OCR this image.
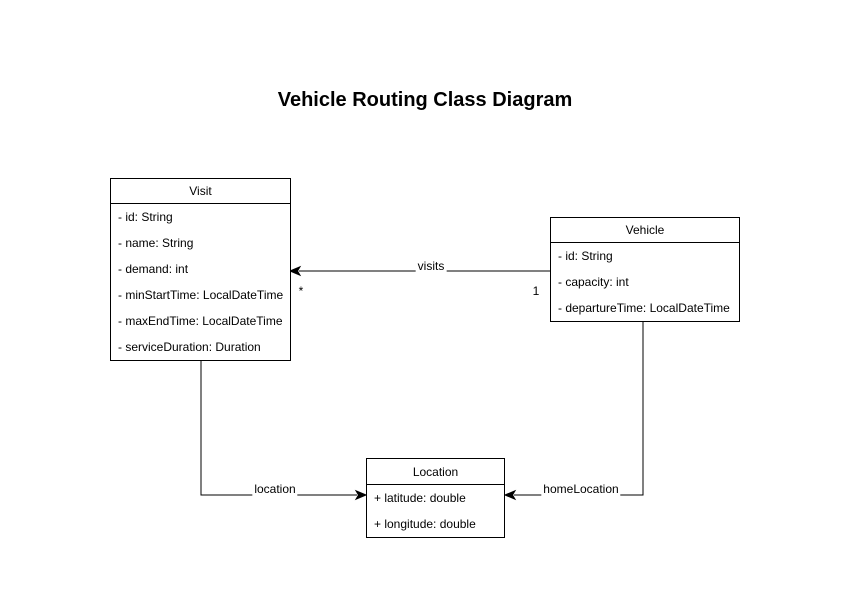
Vehicle Routing Class Diagram
Visit
- id: String
- name: String
- demand: int
- minStartTime: LocalDateTime
- maxEndTime: LocalDateTime
- serviceDuration: Duration
Vehicle
- id: String
- capacity: int
- departureTime: LocalDateTime
Location
+ latitude: double
+ longitude: double
visits
*	1
location	homeLocation
